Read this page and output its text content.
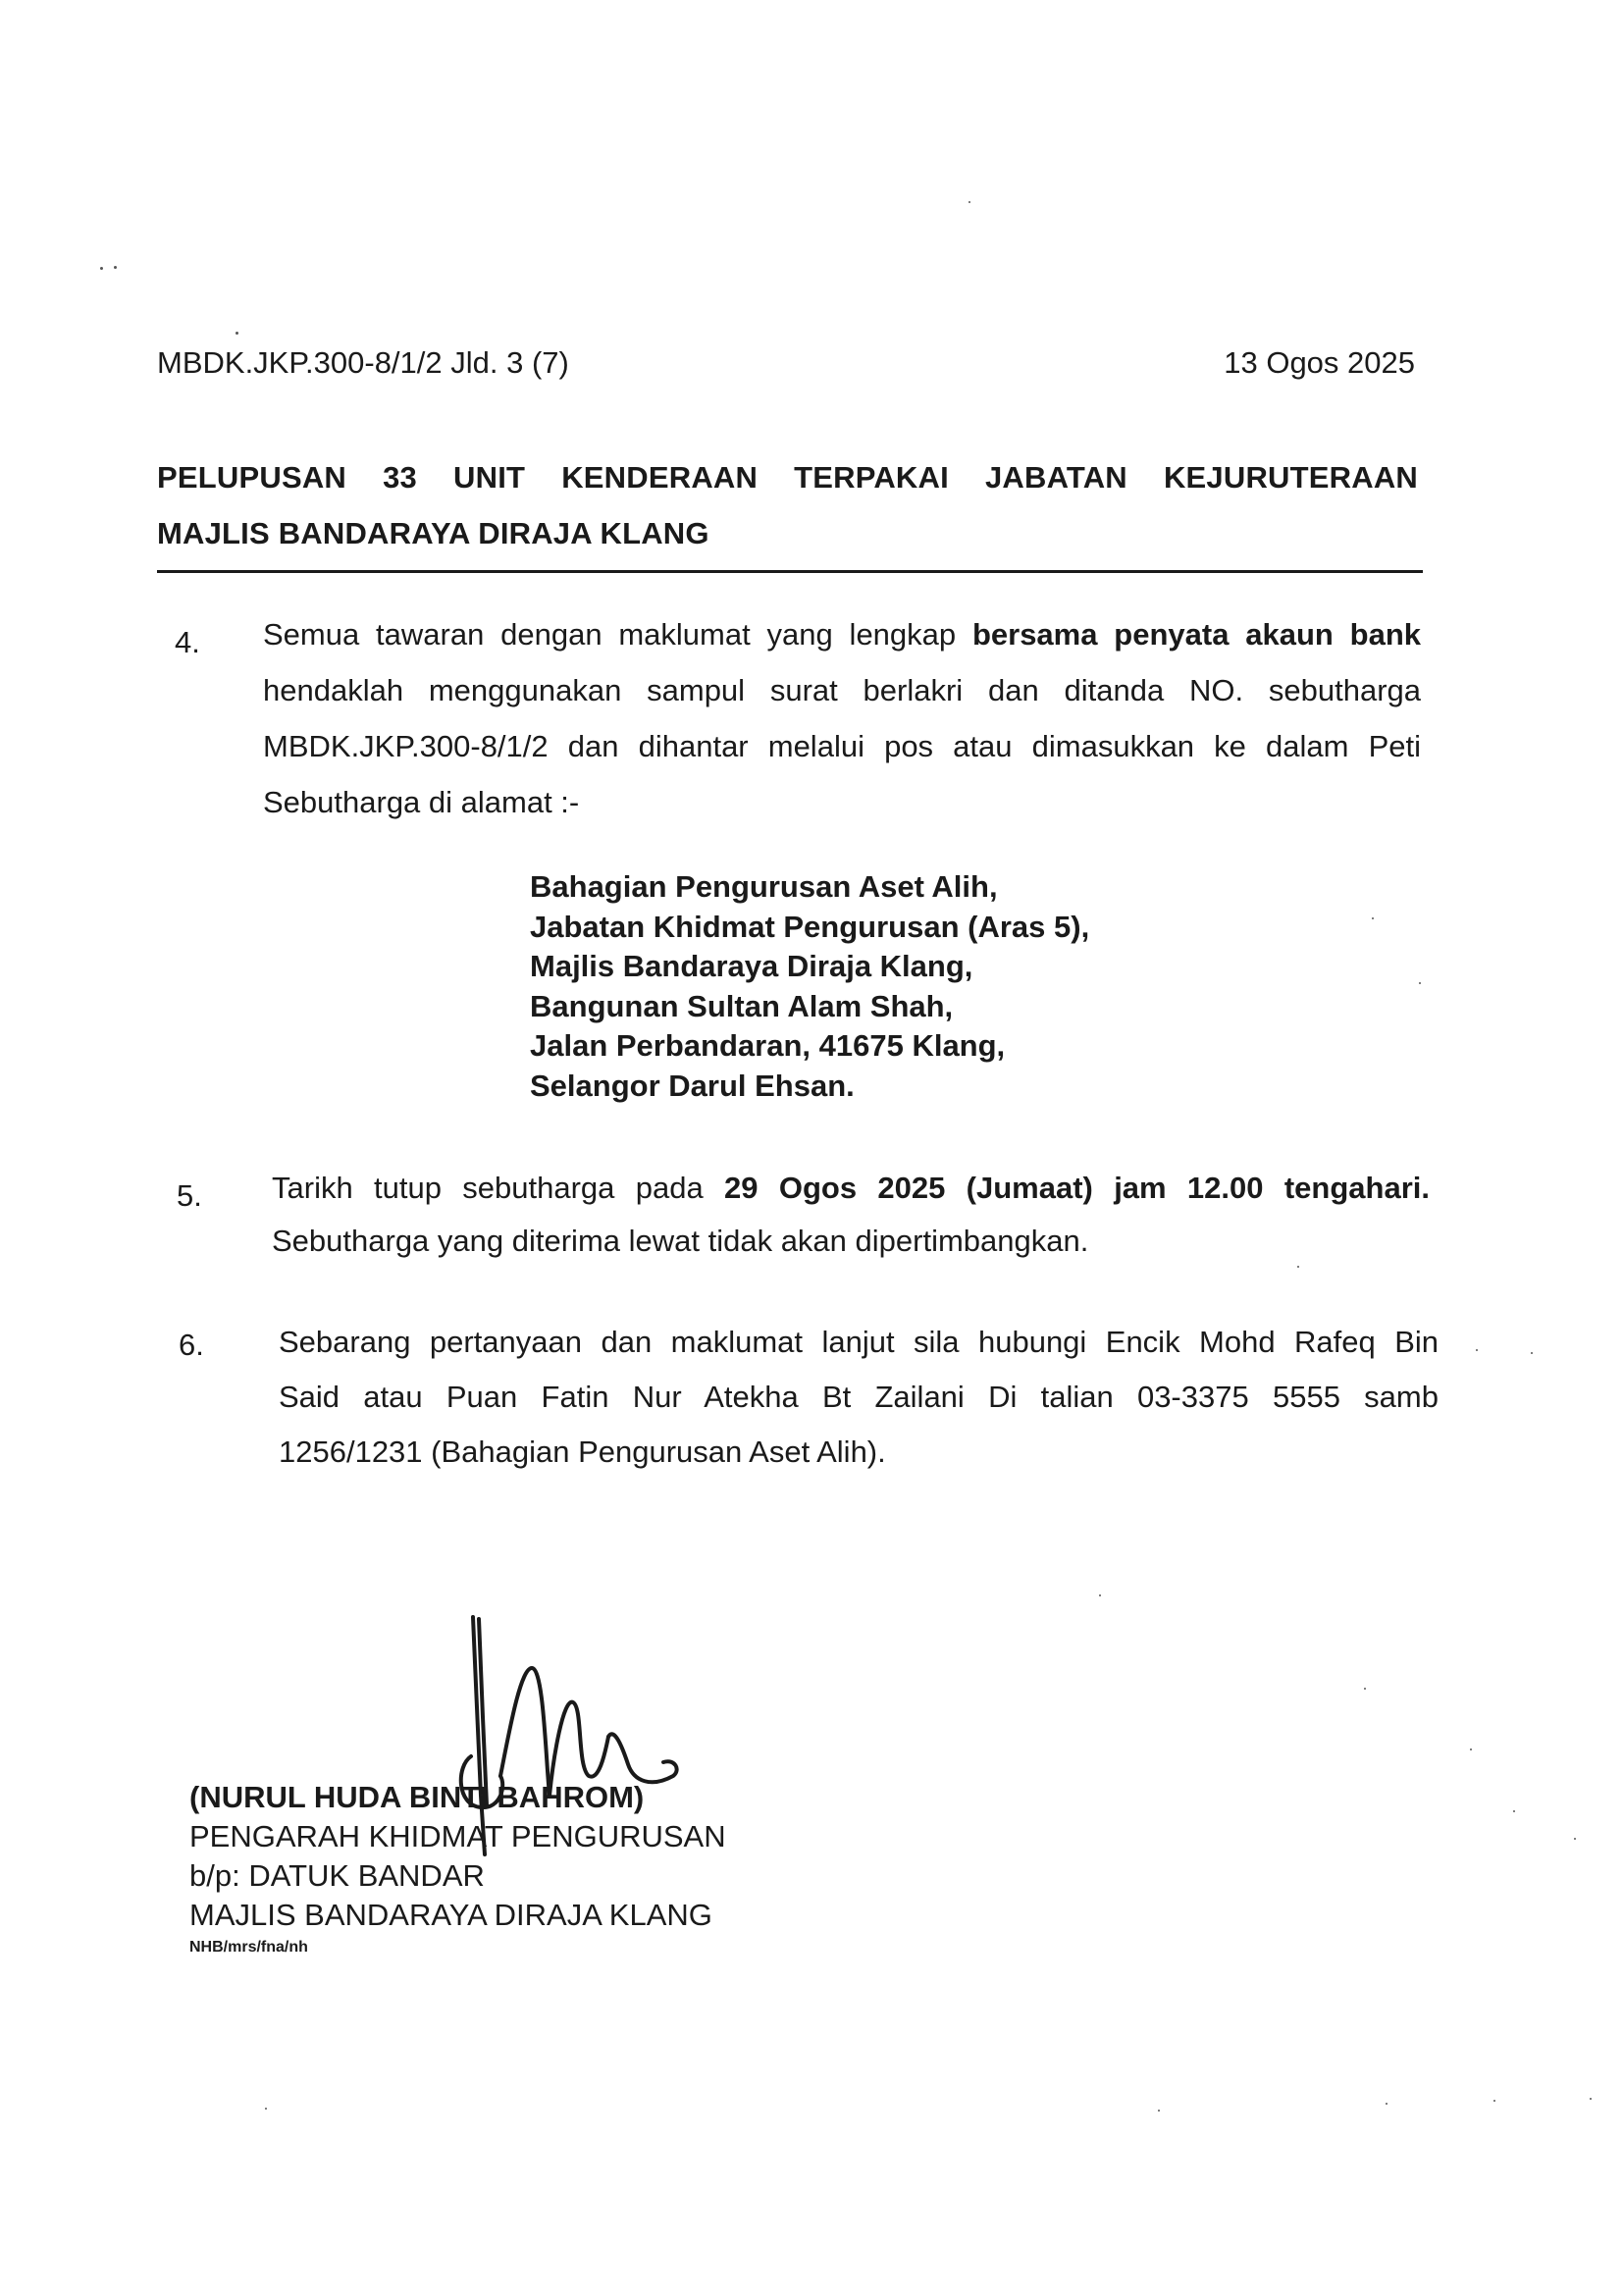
MBDK.JKP.300-8/1/2 Jld. 3 (7)	13 Ogos 2025
PELUPUSAN 33 UNIT KENDERAAN TERPAKAI JABATAN KEJURUTERAAN
MAJLIS BANDARAYA DIRAJA KLANG
4. Semua tawaran dengan maklumat yang lengkap bersama penyata akaun bank
hendaklah menggunakan sampul surat berlakri dan ditanda NO. sebutharga
MBDK.JKP.300-8/1/2 dan dihantar melalui pos atau dimasukkan ke dalam Peti
Sebutharga di alamat :-
Bahagian Pengurusan Aset Alih,
Jabatan Khidmat Pengurusan (Aras 5),
Majlis Bandaraya Diraja Klang,
Bangunan Sultan Alam Shah,
Jalan Perbandaran, 41675 Klang,
Selangor Darul Ehsan.
5. Tarikh tutup sebutharga pada 29 Ogos 2025 (Jumaat) jam 12.00 tengahari.
Sebutharga yang diterima lewat tidak akan dipertimbangkan.
6. Sebarang pertanyaan dan maklumat lanjut sila hubungi Encik Mohd Rafeq Bin
Said atau Puan Fatin Nur Atekha Bt Zailani Di talian 03-3375 5555 samb
1256/1231 (Bahagian Pengurusan Aset Alih).
(NURUL HUDA BINTI BAHROM)
PENGARAH KHIDMAT PENGURUSAN
b/p: DATUK BANDAR
MAJLIS BANDARAYA DIRAJA KLANG
NHB/mrs/fna/nh
